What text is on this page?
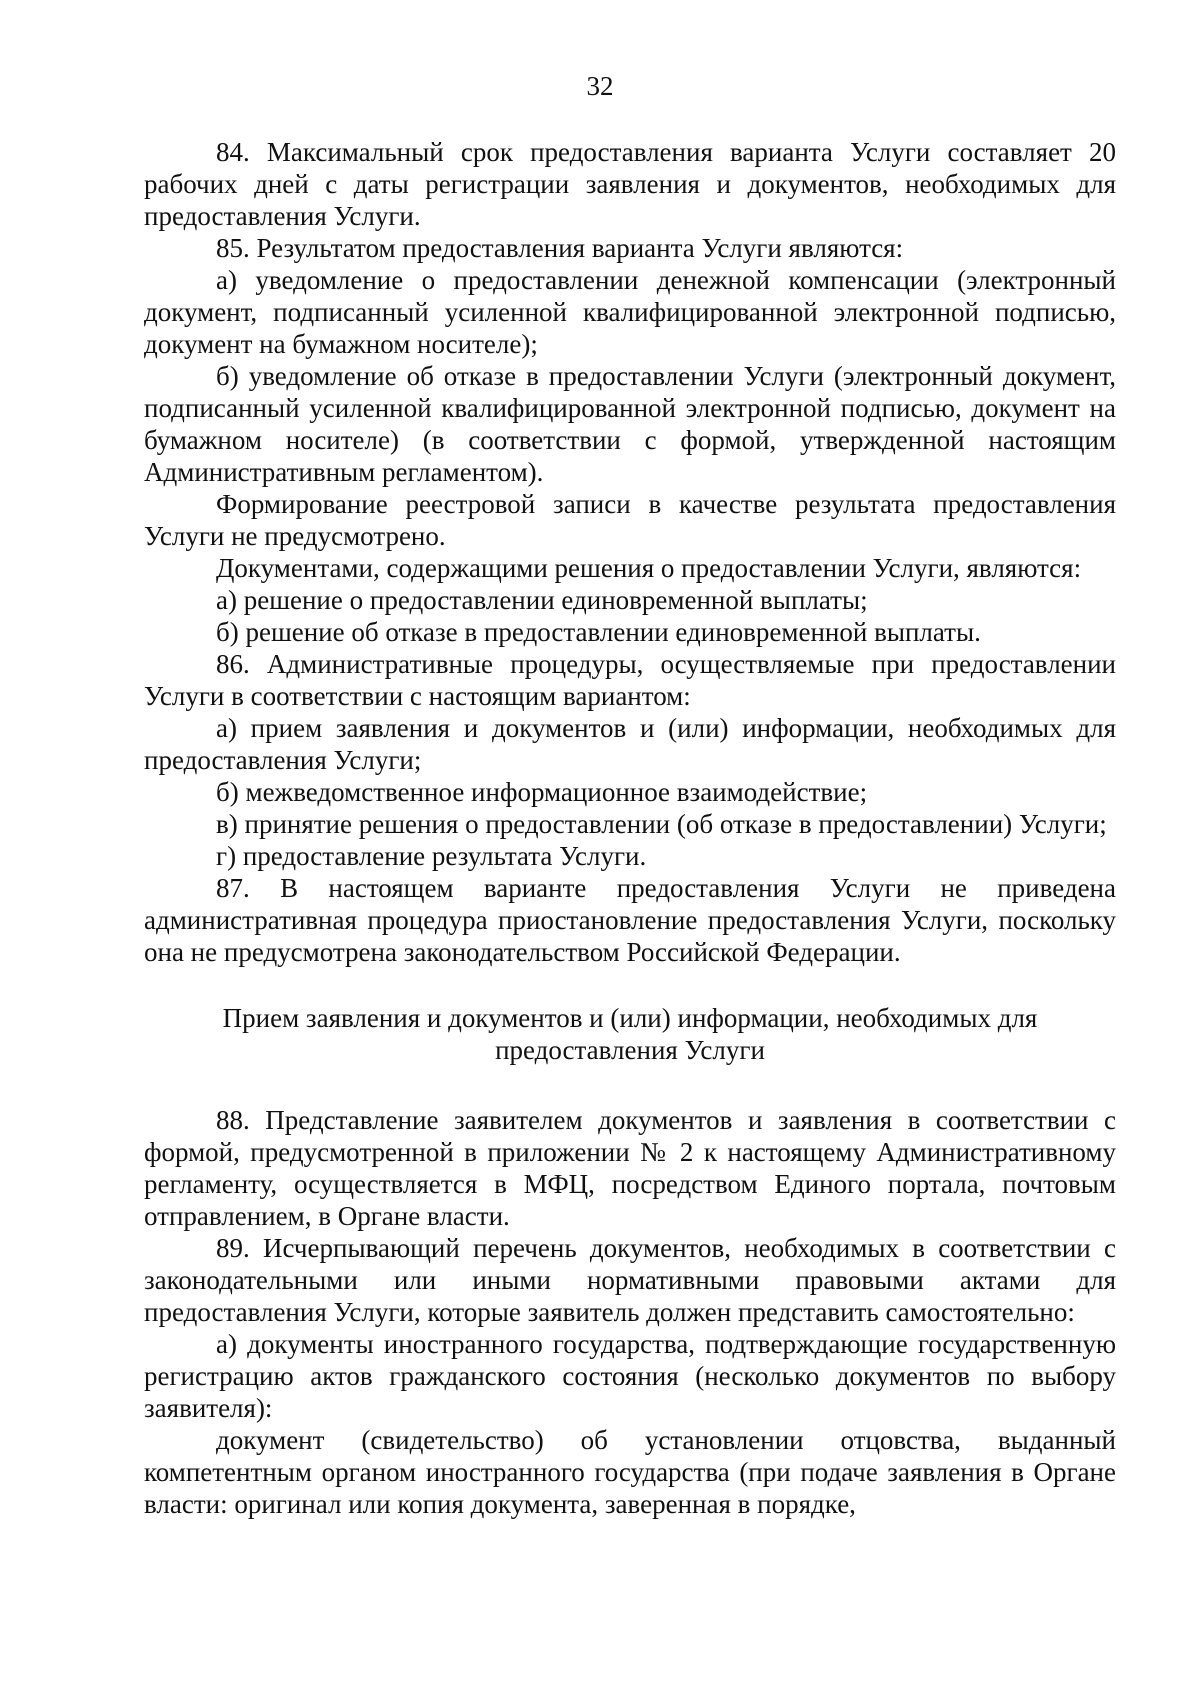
32

84. Максимальный срок предоставления варианта Услуги составляет 20 рабочих дней с даты регистрации заявления и документов, необходимых для предоставления Услуги.

85. Результатом предоставления варианта Услуги являются:

а) уведомление о предоставлении денежной компенсации (электронный документ, подписанный усиленной квалифицированной электронной подписью, документ на бумажном носителе);

б) уведомление об отказе в предоставлении Услуги (электронный документ, подписанный усиленной квалифицированной электронной подписью, документ на бумажном носителе) (в соответствии с формой, утвержденной настоящим Административным регламентом).

Формирование реестровой записи в качестве результата предоставления Услуги не предусмотрено.

Документами, содержащими решения о предоставлении Услуги, являются:

а) решение о предоставлении единовременной выплаты;

б) решение об отказе в предоставлении единовременной выплаты.

86. Административные процедуры, осуществляемые при предоставлении Услуги в соответствии с настоящим вариантом:

а) прием заявления и документов и (или) информации, необходимых для предоставления Услуги;

б) межведомственное информационное взаимодействие;

в) принятие решения о предоставлении (об отказе в предоставлении) Услуги;

г) предоставление результата Услуги.

87. В настоящем варианте предоставления Услуги не приведена административная процедура приостановление предоставления Услуги, поскольку она не предусмотрена законодательством Российской Федерации.

Прием заявления и документов и (или) информации, необходимых для предоставления Услуги

88. Представление заявителем документов и заявления в соответствии с формой, предусмотренной в приложении № 2 к настоящему Административному регламенту, осуществляется в МФЦ, посредством Единого портала, почтовым отправлением, в Органе власти.

89. Исчерпывающий перечень документов, необходимых в соответствии с законодательными или иными нормативными правовыми актами для предоставления Услуги, которые заявитель должен представить самостоятельно:

а) документы иностранного государства, подтверждающие государственную регистрацию актов гражданского состояния (несколько документов по выбору заявителя):

документ (свидетельство) об установлении отцовства, выданный компетентным органом иностранного государства (при подаче заявления в Органе власти: оригинал или копия документа, заверенная в порядке,
